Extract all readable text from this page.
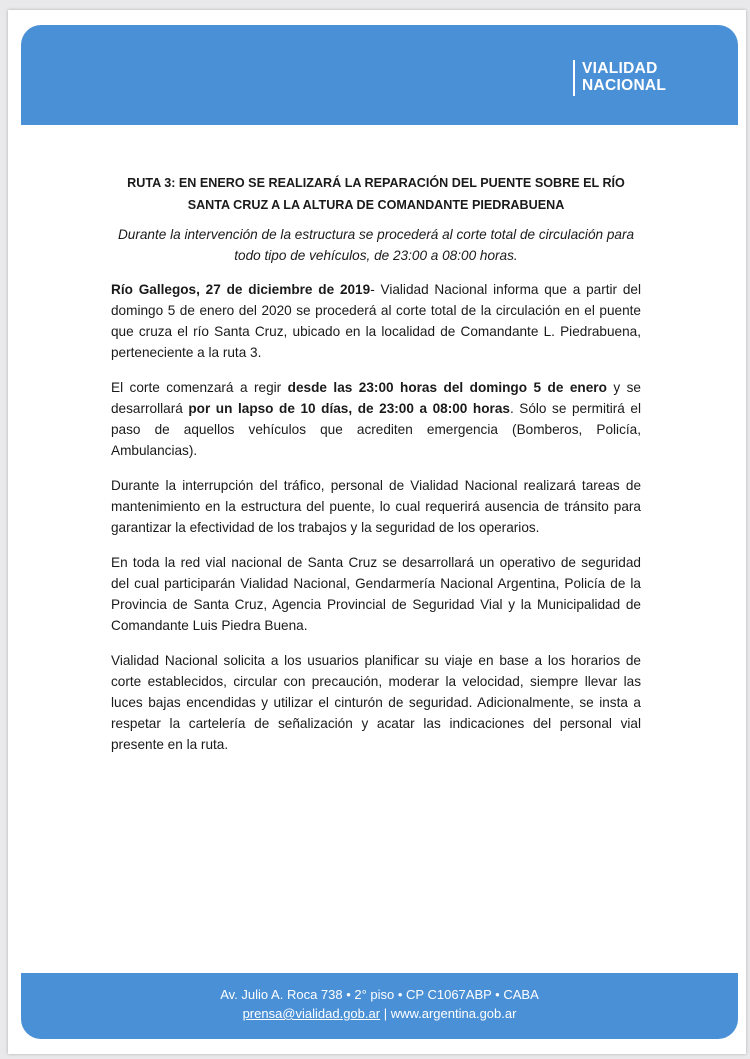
VIALIDAD
NACIONAL
RUTA 3: EN ENERO SE REALIZARÁ LA REPARACIÓN DEL PUENTE SOBRE EL RÍO SANTA CRUZ A LA ALTURA DE COMANDANTE PIEDRABUENA
Durante la intervención de la estructura se procederá al corte total de circulación para todo tipo de vehículos, de 23:00 a 08:00 horas.
Río Gallegos, 27 de diciembre de 2019- Vialidad Nacional informa que a partir del domingo 5 de enero del 2020 se procederá al corte total de la circulación en el puente que cruza el río Santa Cruz, ubicado en la localidad de Comandante L. Piedrabuena, perteneciente a la ruta 3.
El corte comenzará a regir desde las 23:00 horas del domingo 5 de enero y se desarrollará por un lapso de 10 días, de 23:00 a 08:00 horas. Sólo se permitirá el paso de aquellos vehículos que acrediten emergencia (Bomberos, Policía, Ambulancias).
Durante la interrupción del tráfico, personal de Vialidad Nacional realizará tareas de mantenimiento en la estructura del puente, lo cual requerirá ausencia de tránsito para garantizar la efectividad de los trabajos y la seguridad de los operarios.
En toda la red vial nacional de Santa Cruz se desarrollará un operativo de seguridad del cual participarán Vialidad Nacional, Gendarmería Nacional Argentina, Policía de la Provincia de Santa Cruz, Agencia Provincial de Seguridad Vial y la Municipalidad de Comandante Luis Piedra Buena.
Vialidad Nacional solicita a los usuarios planificar su viaje en base a los horarios de corte establecidos, circular con precaución, moderar la velocidad, siempre llevar las luces bajas encendidas y utilizar el cinturón de seguridad. Adicionalmente, se insta a respetar la cartelería de señalización y acatar las indicaciones del personal vial presente en la ruta.
Av. Julio A. Roca 738 • 2° piso • CP C1067ABP • CABA
prensa@vialidad.gob.ar | www.argentina.gob.ar
